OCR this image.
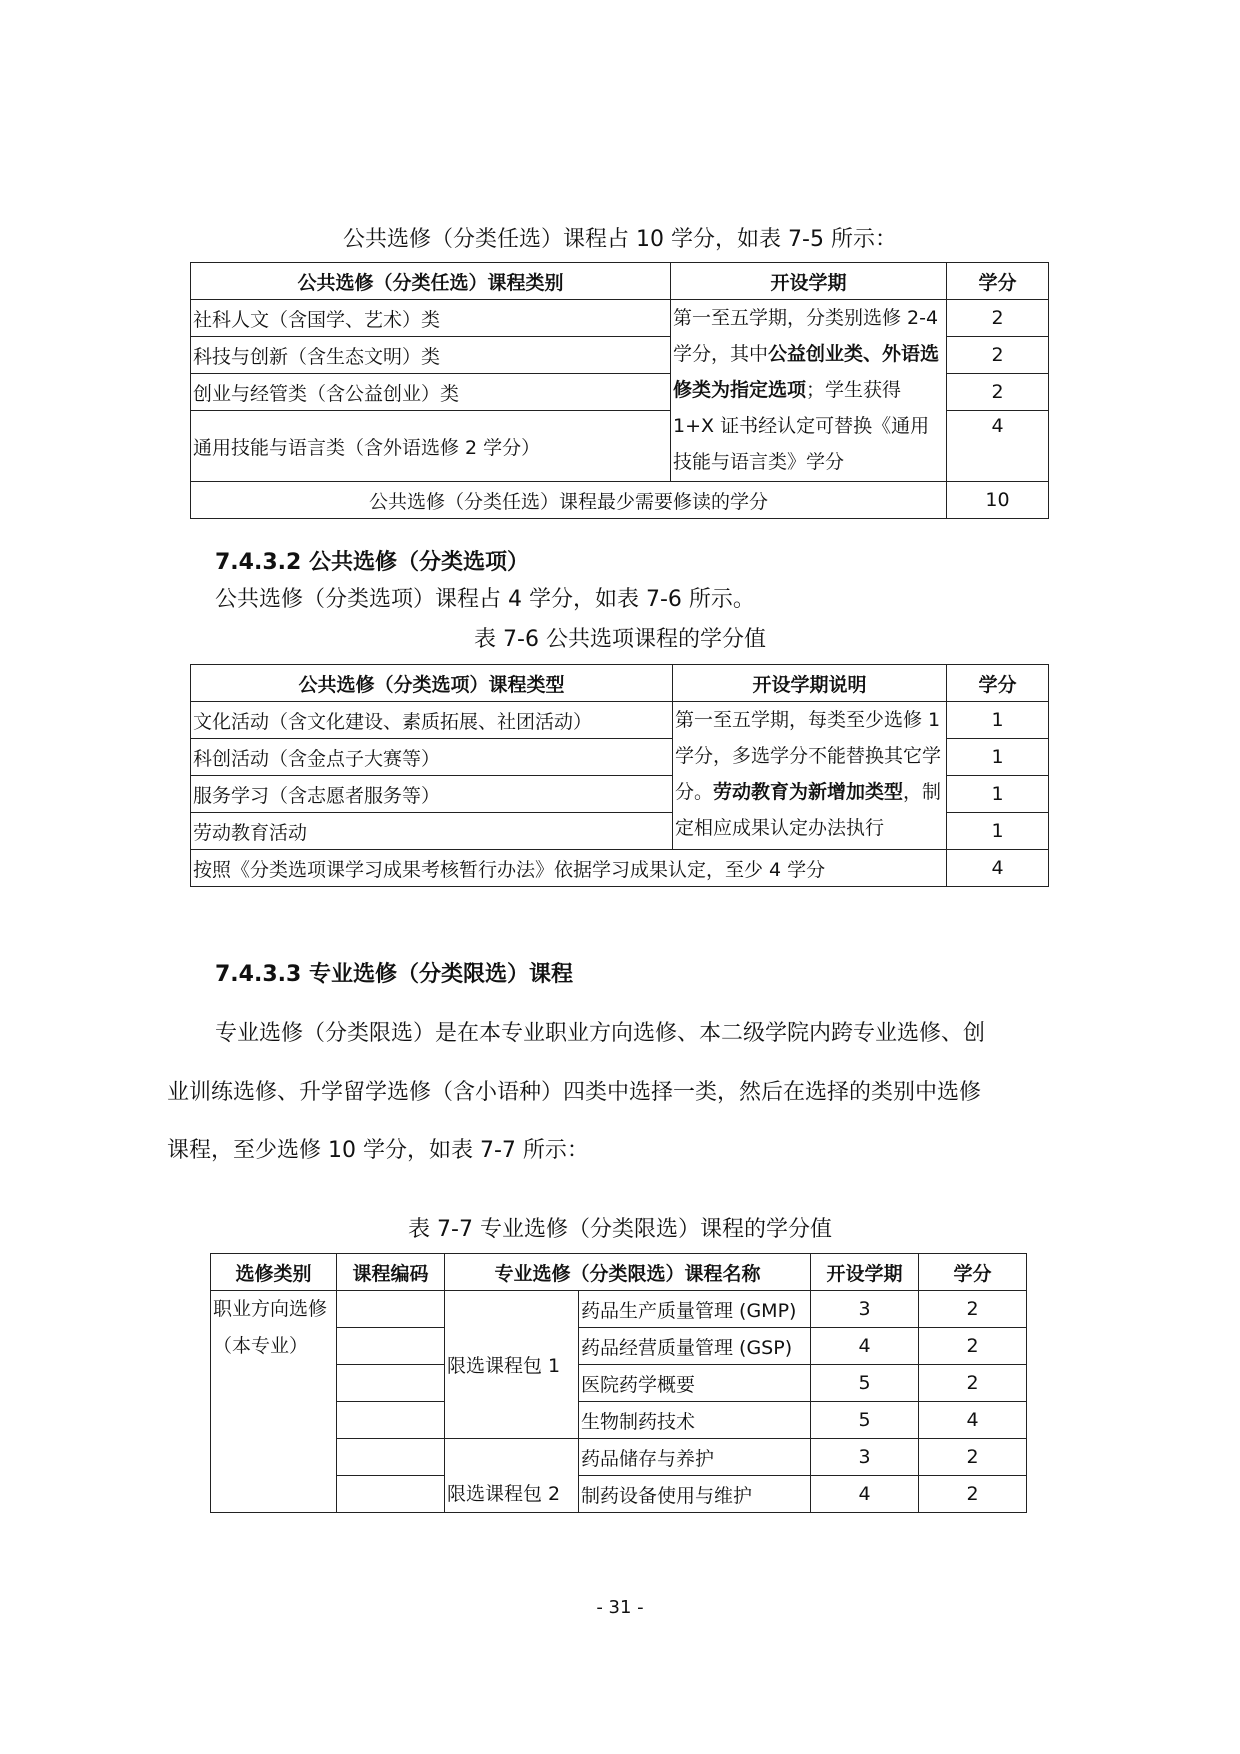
公共选修（分类任选）课程占 10 学分，如表 7-5 所示：
公共选修（分类任选）课程类别	开设学期	学分
社科人文（含国学、艺术）类	第一至五学期，分类别选修 2-4 学分，其中公益创业类、外语选修类为指定选项；学生获得 1+X 证书经认定可替换《通用技能与语言类》学分	2
科技与创新（含生态文明）类		2
创业与经管类（含公益创业）类		2
通用技能与语言类（含外语选修 2 学分）		4
公共选修（分类任选）课程最少需要修读的学分		10
7.4.3.2 公共选修（分类选项）
公共选修（分类选项）课程占 4 学分，如表 7-6 所示。
表 7-6 公共选项课程的学分值
公共选修（分类选项）课程类型	开设学期说明	学分
文化活动（含文化建设、素质拓展、社团活动）	第一至五学期，每类至少选修 1 学分，多选学分不能替换其它学分。劳动教育为新增加类型，制定相应成果认定办法执行	1
科创活动（含金点子大赛等）		1
服务学习（含志愿者服务等）		1
劳动教育活动		1
按照《分类选项课学习成果考核暂行办法》依据学习成果认定，至少 4 学分		4
7.4.3.3 专业选修（分类限选）课程
专业选修（分类限选）是在本专业职业方向选修、本二级学院内跨专业选修、创
业训练选修、升学留学选修（含小语种）四类中选择一类，然后在选择的类别中选修
课程，至少选修 10 学分，如表 7-7 所示：
表 7-7 专业选修（分类限选）课程的学分值
选修类别	课程编码	专业选修（分类限选）课程名称		开设学期	学分

职业方向选修
（本专业）		限选课程包 1	药品生产质量管理 (GMP)	3	2
			药品经营质量管理 (GSP)	4	2
			医院药学概要	5	2
			生物制药技术	5	4
		限选课程包 2	药品储存与养护	3	2
			制药设备使用与维护	4	2
- 31 -
